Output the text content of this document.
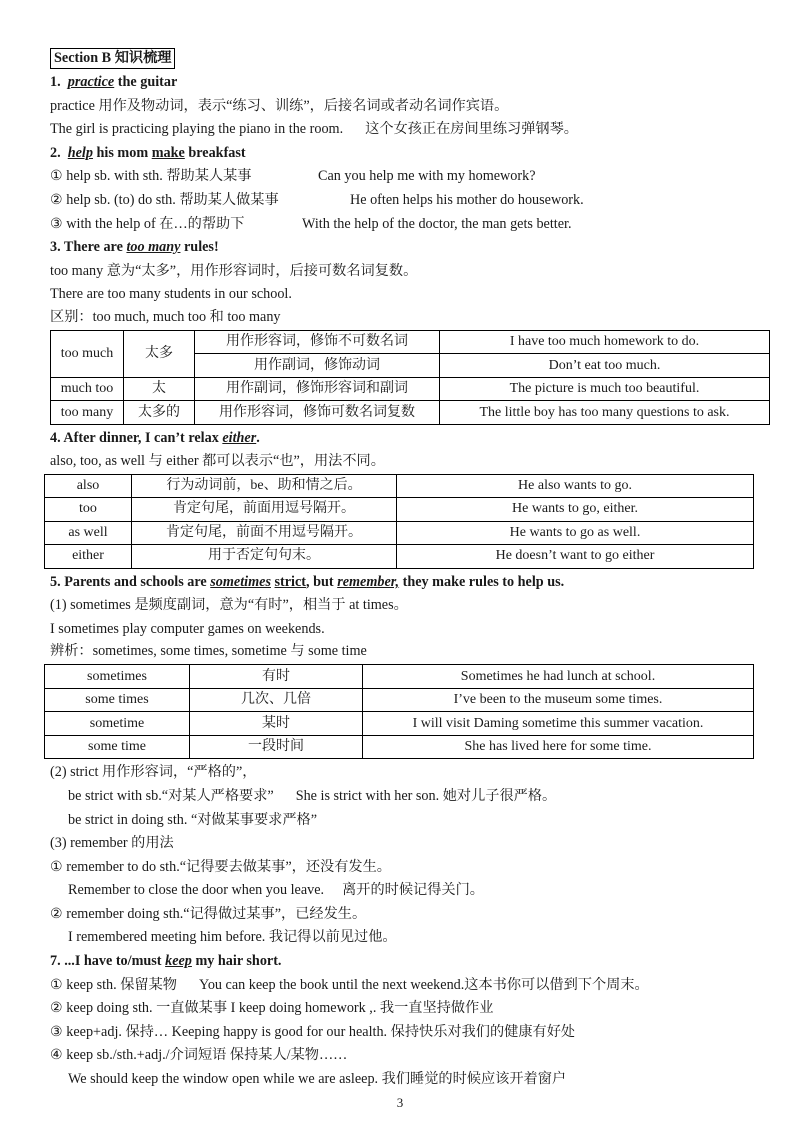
Section B 知识梳理
1. practice the guitar
practice 用作及物动词，表示“练习、训练”，后接名词或者动名词作宾语。
The girl is practicing playing the piano in the room. 这个女孩正在房间里练习弹钢琴。
2. help his mom make breakfast
① help sb. with sth. 帮助某人某事	Can you help me with my homework?
② help sb. (to) do sth. 帮助某人做某事	He often helps his mother do housework.
③ with the help of 在…的帮助下	With the help of the doctor, the man gets better.
3. There are too many rules!
too many 意为“太多”，用作形容词时，后接可数名词复数。
There are too many students in our school.
区别：too much, much too 和 too many
too much	太多	用作形容词，修饰不可数名词	I have too much homework to do.
		用作副词，修饰动词	Don’t eat too much.
much too	太	用作副词，修饰形容词和副词	The picture is much too beautiful.
too many	太多的	用作形容词，修饰可数名词复数	The little boy has too many questions to ask.
4. After dinner, I can’t relax either.
also, too, as well 与 either 都可以表示“也”，用法不同。
also	行为动词前，be、助和情之后。	He also wants to go.
too	肯定句尾，前面用逗号隔开。	He wants to go, either.
as well	肯定句尾，前面不用逗号隔开。	He wants to go as well.
either	用于否定句句末。	He doesn’t want to go either
5. Parents and schools are sometimes strict, but remember, they make rules to help us.
(1) sometimes 是频度副词，意为“有时”，相当于 at times。
I sometimes play computer games on weekends.
辨析：sometimes, some times, sometime 与 some time
sometimes	有时	Sometimes he had lunch at school.
some times	几次、几倍	I’ve been to the museum some times.
sometime	某时	I will visit Daming sometime this summer vacation.
some time	一段时间	She has lived here for some time.
(2) strict 用作形容词，“严格的”，
be strict with sb.“对某人严格要求” She is strict with her son. 她对儿子很严格。
be strict in doing sth. “对做某事要求严格”
(3) remember 的用法
① remember to do sth.“记得要去做某事”，还没有发生。
Remember to close the door when you leave. 离开的时候记得关门。
② remember doing sth.“记得做过某事”，已经发生。
I remembered meeting him before. 我记得以前见过他。
7. ...I have to/must keep my hair short.
① keep sth. 保留某物 You can keep the book until the next weekend.这本书你可以借到下个周末。
② keep doing sth. 一直做某事 I keep doing homework ,. 我一直坚持做作业
③ keep+adj. 保持… Keeping happy is good for our health. 保持快乐对我们的健康有好处
④ keep sb./sth.+adj./介词短语 保持某人/某物……
We should keep the window open while we are asleep. 我们睡觉的时候应该开着窗户
3
